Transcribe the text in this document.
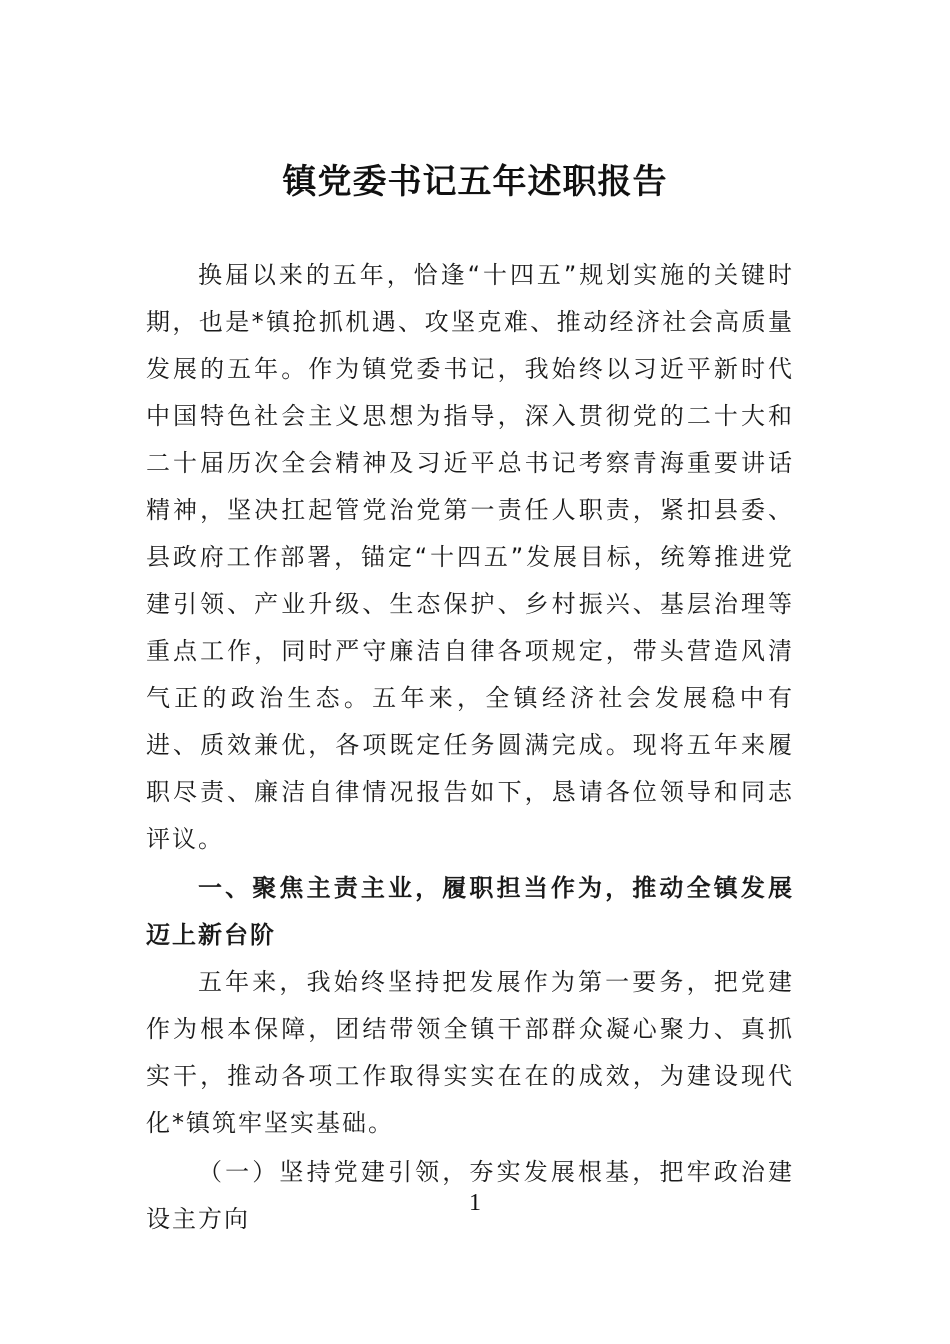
镇党委书记五年述职报告

换届以来的五年，恰逢“十四五”规划实施的关键时期，也是*镇抢抓机遇、攻坚克难、推动经济社会高质量发展的五年。作为镇党委书记，我始终以习近平新时代中国特色社会主义思想为指导，深入贯彻党的二十大和二十届历次全会精神及习近平总书记考察青海重要讲话精神，坚决扛起管党治党第一责任人职责，紧扣县委、县政府工作部署，锚定“十四五”发展目标，统筹推进党建引领、产业升级、生态保护、乡村振兴、基层治理等重点工作，同时严守廉洁自律各项规定，带头营造风清气正的政治生态。五年来，全镇经济社会发展稳中有进、质效兼优，各项既定任务圆满完成。现将五年来履职尽责、廉洁自律情况报告如下，恳请各位领导和同志评议。

一、聚焦主责主业，履职担当作为，推动全镇发展迈上新台阶

五年来，我始终坚持把发展作为第一要务，把党建作为根本保障，团结带领全镇干部群众凝心聚力、真抓实干，推动各项工作取得实实在在的成效，为建设现代化*镇筑牢坚实基础。

（一）坚持党建引领，夯实发展根基，把牢政治建设主方向

1
